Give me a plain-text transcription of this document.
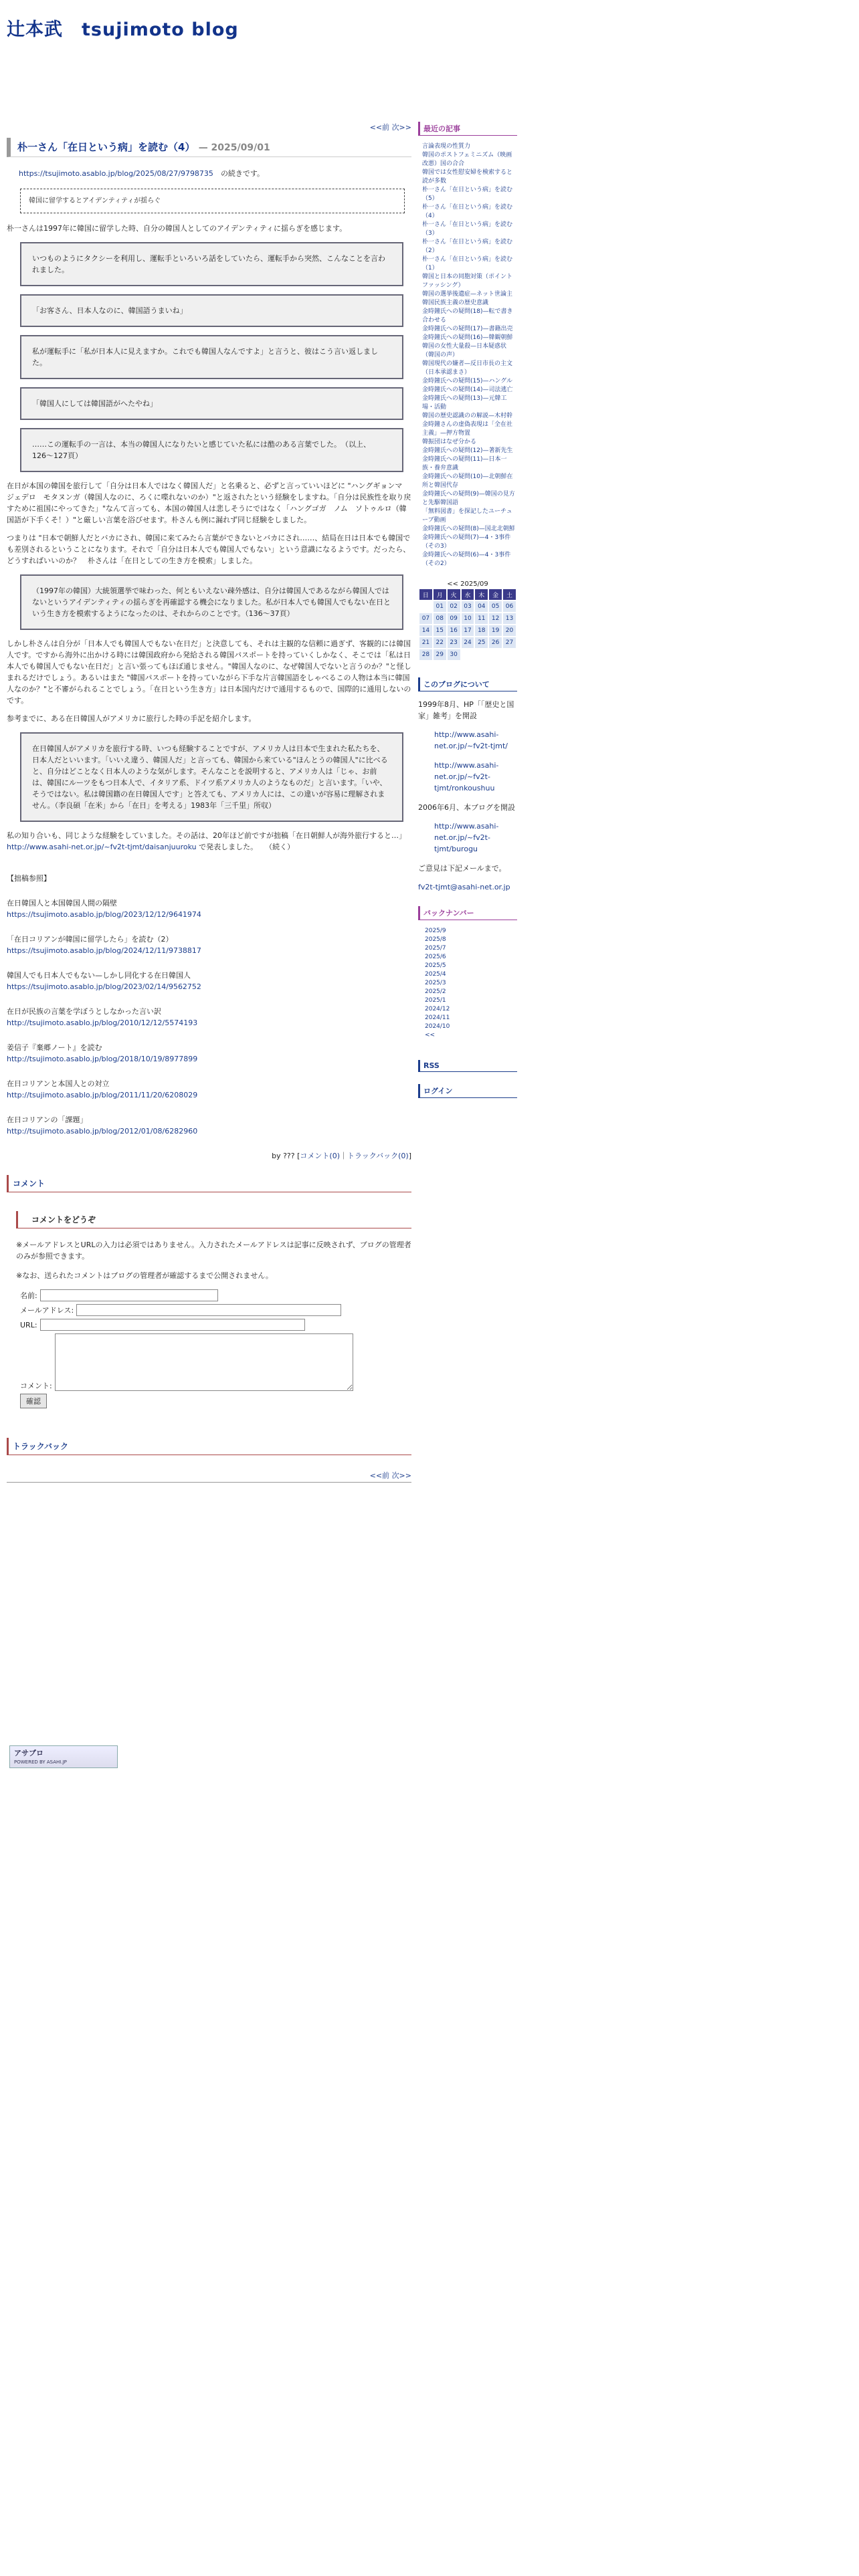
辻本武　tsujimoto blog
<<前 次>>
朴一さん「在日という病」を読む（4） — 2025/09/01

https://tsujimoto.asablo.jp/blog/2025/08/27/9798735　 の続きです。

韓国に留学するとアイデンティティが揺らぐ

朴一さんは1997年に韓国に留学した時、自分の韓国人としてのアイデンティティに揺らぎを感じます。

いつものようにタクシーを利用し、運転手といろいろ話をしていたら、運転手から突然、こんなことを言われました。
「お客さん、日本人なのに、韓国語うまいね」
私が運転手に「私が日本人に見えますか。これでも韓国人なんですよ」と言うと、彼はこう言い返しました。
「韓国人にしては韓国語がへたやね」
……この運転手の一言は、本当の韓国人になりたいと感じていた私には酷のある言葉でした。　（以上、126〜127頁）

在日が本国の韓国を旅行して「自分は日本人ではなく韓国人だ」と名乗ると、必ずと言っていいほどに "ハングギョンマ　ジェデロ　モタヌンガ（韓国人なのに、ろくに喋れないのか）"と返されたという経験をしますね。「自分は民族性を取り戻すために祖国にやってきた」"なんて言っても、本国の韓国人は悲しそうにではなく「ハングゴガ　ノム　ソトゥルロ（韓国語が下手くそ！）"と厳しい言葉を浴びせます。朴さんも例に漏れず同じ経験をしました。

つまりは "日本で朝鮮人だとバカにされ、韓国に来てみたら言葉ができないとバカにされ……、結局在日は日本でも韓国でも差別されるということになります。それで「自分は日本人でも韓国人でもない」という意識になるようです。だったら、どうすればいいのか？　朴さんは「在日としての生き方を模索」しました。

（1997年の韓国）大統領選挙で味わった、何ともいえない疎外感は、自分は韓国人であるながら韓国人ではないというアイデンティティの揺らぎを再確認する機会になりました。私が日本人でも韓国人でもない在日という生き方を模索するようになったのは、それからのことです。（136〜37頁）

しかし朴さんは自分が「日本人でも韓国人でもない在日だ」と決意しても、それは主観的な信頼に過ぎず、客観的には韓国人です。ですから海外に出かける時には韓国政府から発給される韓国パスポートを持っていくしかなく、そこでは「私は日本人でも韓国人でもない在日だ」と言い張ってもほぼ通じません。"韓国人なのに、なぜ韓国人でないと言うのか？"と怪しまれるだけでしょう。あるいはまた "韓国パスポートを持っていながら下手な片言韓国語をしゃべるこの人物は本当に韓国人なのか？"と不審がられることでしょう。「在日という生き方」は日本国内だけで通用するもので、国際的に通用しないのです。

参考までに、ある在日韓国人がアメリカに旅行した時の手記を紹介します。

在日韓国人がアメリカを旅行する時、いつも経験することですが、アメリカ人は日本で生まれた私たちを、日本人だといいます。「いいえ違う、韓国人だ」と言っても、韓国から来ている"ほんとうの韓国人"に比べると、自分はどことなく日本人のような気がします。そんなことを説明すると、アメリカ人は「じゃ、お前は、韓国にルーツをもつ日本人で、イタリア系、ドイツ系アメリカ人のようなものだ」と言います。「いや、そうではない。私は韓国籍の在日韓国人です」と答えても、アメリカ人には、この違いが容易に理解されません。（李良碩「在米」から「在日」を考える」1983年「三千里」所収）

私の知り合いも、同じような経験をしていました。その話は、20年ほど前ですが拙稿「在日朝鮮人が海外旅行すると…」 http://www.asahi-net.or.jp/~fv2t-tjmt/daisanjuuroku で発表しました。　　（続く）

【拙稿参照】

在日韓国人と本国韓国人間の隔壁
https://tsujimoto.asablo.jp/blog/2023/12/12/9641974

「在日コリアンが韓国に留学したら」を読む（2）
https://tsujimoto.asablo.jp/blog/2024/12/11/9738817

韓国人でも日本人でもない—しかし同化する在日韓国人
https://tsujimoto.asablo.jp/blog/2023/02/14/9562752

在日が民族の言葉を学ぼうとしなかった言い訳
http://tsujimoto.asablo.jp/blog/2010/12/12/5574193

姜信子『棄郷ノート』を読む
http://tsujimoto.asablo.jp/blog/2018/10/19/8977899

在日コリアンと本国人との対立
http://tsujimoto.asablo.jp/blog/2011/11/20/6208029

在日コリアンの「課題」
http://tsujimoto.asablo.jp/blog/2012/01/08/6282960

by ??? [コメント(0)｜トラックバック(0)]
コメント
コメントをどうぞ
※メールアドレスとURLの入力は必須ではありません。入力されたメールアドレスは記事に反映されず、ブログの管理者のみが参照できます。
※なお、送られたコメントはブログの管理者が確認するまで公開されません。
名前:
メールアドレス:
URL:
コメント:
確認
トラックバック
<<前 次>>
最近の記事
言論表現の性質力
韓国のポストフェミニズム（映画改悪）国の合合
韓国では女性慰安婦を検索すると読が多数
朴一さん「在日という病」を読む（5）
朴一さん「在日という病」を読む（4）
朴一さん「在日という病」を読む（3）
朴一さん「在日という病」を読む（2）
朴一さん「在日という病」を読む（1）
韓国と日本の同胞対策（ポイントファッシング）
韓国の選挙後遺症—ネット世論主
韓国民族主義の歴史意識
金時鐘氏への疑問(18)—転で書き合わせる
金時鐘氏への疑問(17)—書籍出売
金時鐘氏への疑問(16)—韓観朝鮮
韓国の女性大量殺—日本疑惑状（韓国の声）
韓国現代の嫌者—反日市長の主文（日本承認まさ）
金時鐘氏への疑問(15)—ハングル
金時鐘氏への疑問(14)—司法逃亡
金時鐘氏への疑問(13)—元韓工場・活動
韓国の歴史認識のの解説—木村幹
金時鐘さんの虚偽表現は「全在社主義」—押方物置
韓振団はなぜ分かる
金時鐘氏への疑問(12)—著新先生
金時鐘氏への疑問(11)—日本一族・養弁意識
金時鐘氏への疑問(10)—北朝鮮在所と韓国代存
金時鐘氏への疑問(9)—韓国の見方と先駆韓国語
「無料図書」を探記したユーチューブ動画
金時鐘氏への疑問(8)—国北北朝鮮
金時鐘氏への疑問(7)—4・3事件（その3）
金時鐘氏への疑問(6)—4・3事件（その2）
<< 2025/09
日	月	火	水	木	金	土
	01	02	03	04	05	06
07	08	09	10	11	12	13
14	15	16	17	18	19	20
21	22	23	24	25	26	27
28	29	30				
このブログについて

1999年8月、HP「「歴史と国家」雑考」を開設

http://www.asahi-net.or.jp/~fv2t-tjmt/

http://www.asahi-net.or.jp/~fv2t-tjmt/ronkoushuu

2006年6月、本ブログを開設

http://www.asahi-net.or.jp/~fv2t-tjmt/burogu

ご意見は下記メールまで。

fv2t-tjmt@asahi-net.or.jp

バックナンバー
2025/9
2025/8
2025/7
2025/6
2025/5
2025/4
2025/3
2025/2
2025/1
2024/12
2024/11
2024/10
<<
RSS
ログイン
アサブロ
POWERED BY ASAHI.JP
